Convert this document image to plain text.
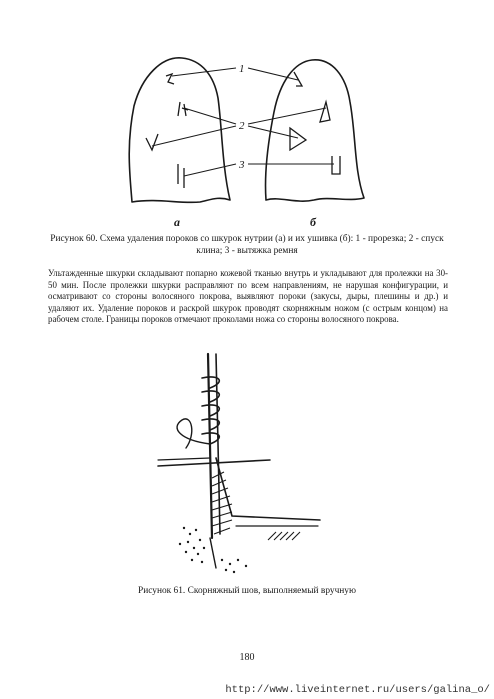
1
2
3
а	б
Рисунок 60. Схема удаления пороков со шкурок нутрии (а) и их ушивка (б): 1 - прорезка; 2 - спуск клина; 3 - вытяжка ремня
Ультажденные шкурки складывают попарно кожевой тканью внутрь и укладывают для пролежки на 30-50 мин. После пролежки шкурки расправляют по всем направлениям, не нарушая конфигурации, и осматривают со стороны волосяного покрова, выявляют пороки (закусы, дыры, плешины и др.) и удаляют их. Удаление пороков и раскрой шкурок проводят скорняжным ножом (с острым концом) на рабочем столе. Границы пороков отмечают проколами ножа со стороны волосяного покрова.
Рисунок 61. Скорняжный шов, выполняемый вручную
180
http://www.liveinternet.ru/users/galina_o/
